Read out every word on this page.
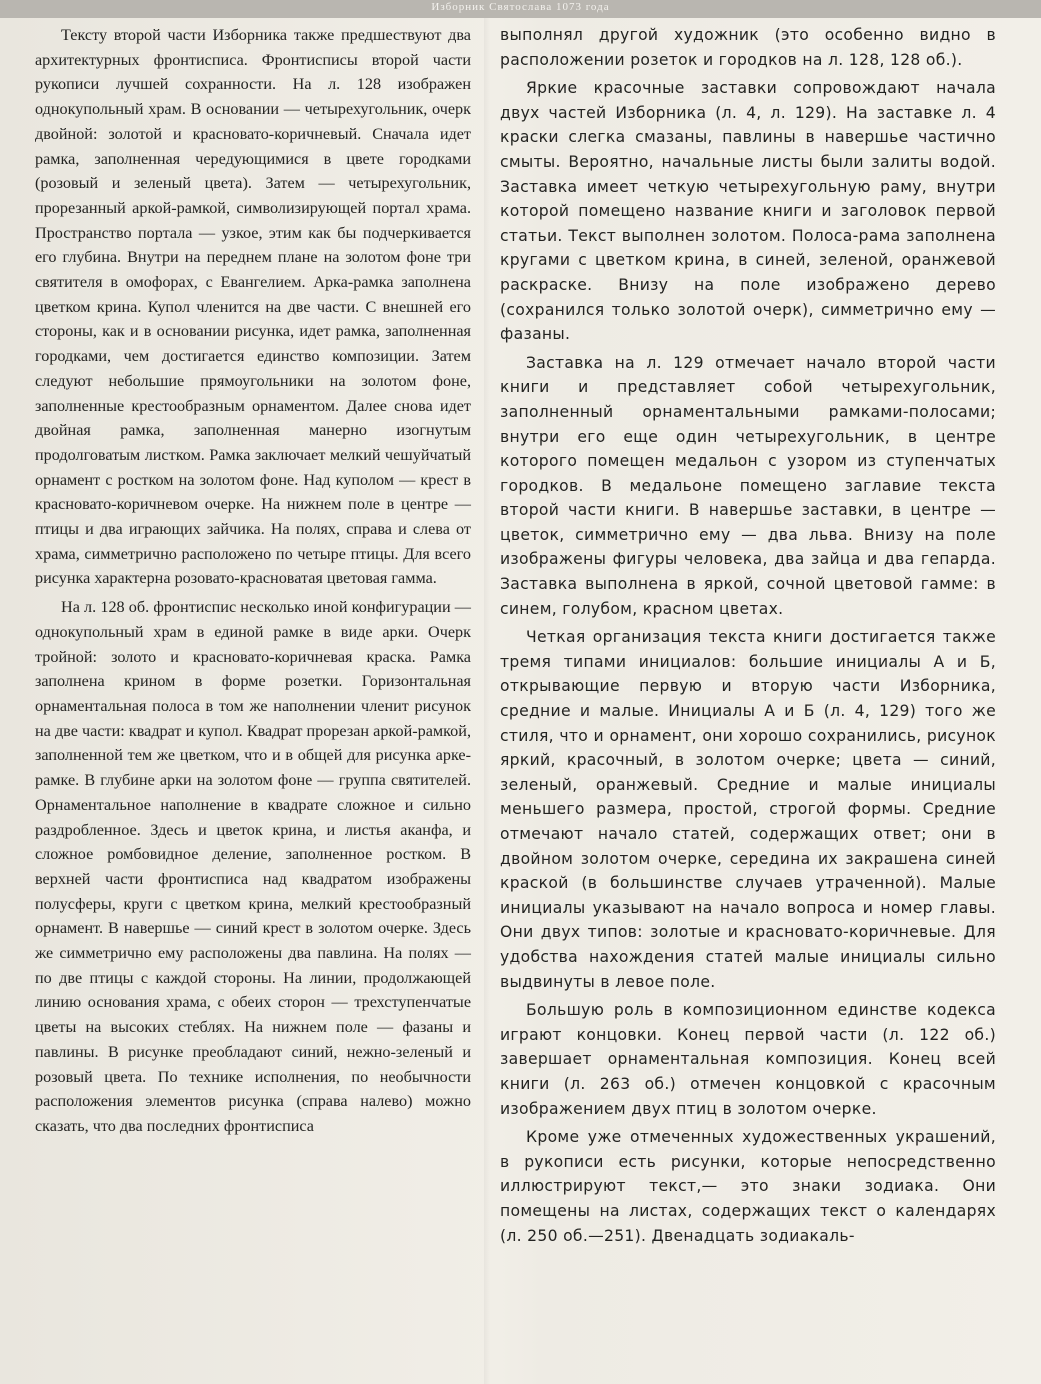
Изборник Святослава 1073 года

Тексту второй части Изборника также предшествуют два архитектурных фронтисписа. Фронтисписы второй части рукописи лучшей сохранности. На л. 128 изображен однокупольный храм. В основании — четырехугольник, очерк двойной: золотой и красновато-коричневый. Сначала идет рамка, заполненная чередующимися в цвете городками (розовый и зеленый цвета). Затем — четырехугольник, прорезанный аркой-рамкой, символизирующей портал храма. Пространство портала — узкое, этим как бы подчеркивается его глубина. Внутри на переднем плане на золотом фоне три святителя в омофорах, с Евангелием. Арка-рамка заполнена цветком крина. Купол членится на две части. С внешней его стороны, как и в основании рисунка, идет рамка, заполненная городками, чем достигается единство композиции. Затем следуют небольшие прямоугольники на золотом фоне, заполненные крестообразным орнаментом. Далее снова идет двойная рамка, заполненная манерно изогнутым продолговатым листком. Рамка заключает мелкий чешуйчатый орнамент с ростком на золотом фоне. Над куполом — крест в красновато-коричневом очерке. На нижнем поле в центре — птицы и два играющих зайчика. На полях, справа и слева от храма, симметрично расположено по четыре птицы. Для всего рисунка характерна розовато-красноватая цветовая гамма.

На л. 128 об. фронтиспис несколько иной конфигурации — однокупольный храм в единой рамке в виде арки. Очерк тройной: золото и красновато-коричневая краска. Рамка заполнена крином в форме розетки. Горизонтальная орнаментальная полоса в том же наполнении членит рисунок на две части: квадрат и купол. Квадрат прорезан аркой-рамкой, заполненной тем же цветком, что и в общей для рисунка арке-рамке. В глубине арки на золотом фоне — группа святителей. Орнаментальное наполнение в квадрате сложное и сильно раздробленное. Здесь и цветок крина, и листья аканфа, и сложное ромбовидное деление, заполненное ростком. В верхней части фронтисписа над квадратом изображены полусферы, круги с цветком крина, мелкий крестообразный орнамент. В навершье — синий крест в золотом очерке. Здесь же симметрично ему расположены два павлина. На полях — по две птицы с каждой стороны. На линии, продолжающей линию основания храма, с обеих сторон — трехступенчатые цветы на высоких стеблях. На нижнем поле — фазаны и павлины. В рисунке преобладают синий, нежно-зеленый и розовый цвета. По технике исполнения, по необычности расположения элементов рисунка (справа налево) можно сказать, что два последних фронтисписа

выполнял другой художник (это особенно видно в расположении розеток и городков на л. 128, 128 об.).

Яркие красочные заставки сопровождают начала двух частей Изборника (л. 4, л. 129). На заставке л. 4 краски слегка смазаны, павлины в навершье частично смыты. Вероятно, начальные листы были залиты водой. Заставка имеет четкую четырехугольную раму, внутри которой помещено название книги и заголовок первой статьи. Текст выполнен золотом. Полоса-рама заполнена кругами с цветком крина, в синей, зеленой, оранжевой раскраске. Внизу на поле изображено дерево (сохранился только золотой очерк), симметрично ему — фазаны.

Заставка на л. 129 отмечает начало второй части книги и представляет собой четырехугольник, заполненный орнаментальными рамками-полосами; внутри его еще один четырехугольник, в центре которого помещен медальон с узором из ступенчатых городков. В медальоне помещено заглавие текста второй части книги. В навершье заставки, в центре — цветок, симметрично ему — два льва. Внизу на поле изображены фигуры человека, два зайца и два гепарда. Заставка выполнена в яркой, сочной цветовой гамме: в синем, голубом, красном цветах.

Четкая организация текста книги достигается также тремя типами инициалов: большие инициалы А и Б, открывающие первую и вторую части Изборника, средние и малые. Инициалы А и Б (л. 4, 129) того же стиля, что и орнамент, они хорошо сохранились, рисунок яркий, красочный, в золотом очерке; цвета — синий, зеленый, оранжевый. Средние и малые инициалы меньшего размера, простой, строгой формы. Средние отмечают начало статей, содержащих ответ; они в двойном золотом очерке, середина их закрашена синей краской (в большинстве случаев утраченной). Малые инициалы указывают на начало вопроса и номер главы. Они двух типов: золотые и красновато-коричневые. Для удобства нахождения статей малые инициалы сильно выдвинуты в левое поле.

Большую роль в композиционном единстве кодекса играют концовки. Конец первой части (л. 122 об.) завершает орнаментальная композиция. Конец всей книги (л. 263 об.) отмечен концовкой с красочным изображением двух птиц в золотом очерке.

Кроме уже отмеченных художественных украшений, в рукописи есть рисунки, которые непосредственно иллюстрируют текст,— это знаки зодиака. Они помещены на листах, содержащих текст о календарях (л. 250 об.—251). Двенадцать зодиакаль-
